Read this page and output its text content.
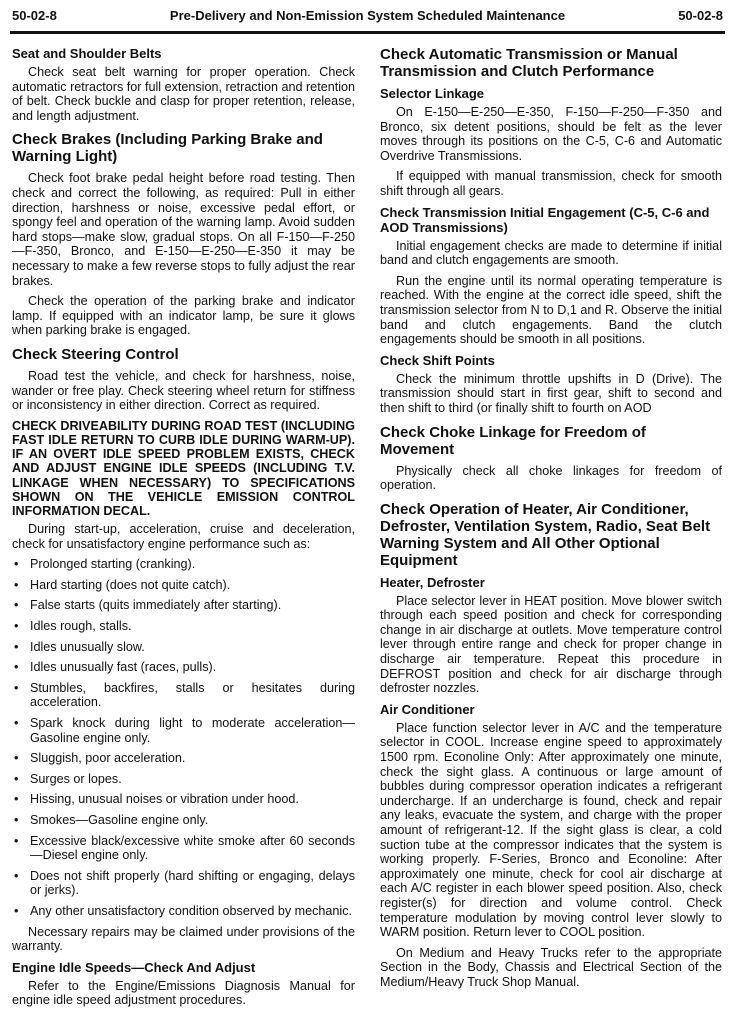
50-02-8	Pre-Delivery and Non-Emission System Scheduled Maintenance	50-02-8
Seat and Shoulder Belts

Check seat belt warning for proper operation. Check automatic retractors for full extension, retraction and retention of belt. Check buckle and clasp for proper retention, release, and length adjustment.

Check Brakes (Including Parking Brake and Warning Light)

Check foot brake pedal height before road testing. Then check and correct the following, as required: Pull in either direction, harshness or noise, excessive pedal effort, or spongy feel and operation of the warning lamp. Avoid sudden hard stops—make slow, gradual stops. On all F-150—F-250—F-350, Bronco, and E-150—E-250—E-350 it may be necessary to make a few reverse stops to fully adjust the rear brakes.

Check the operation of the parking brake and indicator lamp. If equipped with an indicator lamp, be sure it glows when parking brake is engaged.

Check Steering Control

Road test the vehicle, and check for harshness, noise, wander or free play. Check steering wheel return for stiffness or inconsistency in either direction. Correct as required.

CHECK DRIVEABILITY DURING ROAD TEST (INCLUDING FAST IDLE RETURN TO CURB IDLE DURING WARM-UP). IF AN OVERT IDLE SPEED PROBLEM EXISTS, CHECK AND ADJUST ENGINE IDLE SPEEDS (INCLUDING T.V. LINKAGE WHEN NECESSARY) TO SPECIFICATIONS SHOWN ON THE VEHICLE EMISSION CONTROL INFORMATION DECAL.

During start-up, acceleration, cruise and deceleration, check for unsatisfactory engine performance such as:

• Prolonged starting (cranking).
• Hard starting (does not quite catch).
• False starts (quits immediately after starting).
• Idles rough, stalls.
• Idles unusually slow.
• Idles unusually fast (races, pulls).
• Stumbles, backfires, stalls or hesitates during acceleration.
• Spark knock during light to moderate acceleration—Gasoline engine only.
• Sluggish, poor acceleration.
• Surges or lopes.
• Hissing, unusual noises or vibration under hood.
• Smokes—Gasoline engine only.
• Excessive black/excessive white smoke after 60 seconds—Diesel engine only.
• Does not shift properly (hard shifting or engaging, delays or jerks).
• Any other unsatisfactory condition observed by mechanic.

Necessary repairs may be claimed under provisions of the warranty.

Engine Idle Speeds—Check And Adjust

Refer to the Engine/Emissions Diagnosis Manual for engine idle speed adjustment procedures.

Check Automatic Transmission or Manual Transmission and Clutch Performance
Selector Linkage

On E-150—E-250—E-350, F-150—F-250—F-350 and Bronco, six detent positions, should be felt as the lever moves through its positions on the C-5, C-6 and Automatic Overdrive Transmissions.

If equipped with manual transmission, check for smooth shift through all gears.

Check Transmission Initial Engagement (C-5, C-6 and AOD Transmissions)

Initial engagement checks are made to determine if initial band and clutch engagements are smooth.

Run the engine until its normal operating temperature is reached. With the engine at the correct idle speed, shift the transmission selector from N to D,1 and R. Observe the initial band and clutch engagements. Band the clutch engagements should be smooth in all positions.

Check Shift Points

Check the minimum throttle upshifts in D (Drive). The transmission should start in first gear, shift to second and then shift to third (or finally shift to fourth on AOD

Check Choke Linkage for Freedom of Movement

Physically check all choke linkages for freedom of operation.

Check Operation of Heater, Air Conditioner, Defroster, Ventilation System, Radio, Seat Belt Warning System and All Other Optional Equipment
Heater, Defroster

Place selector lever in HEAT position. Move blower switch through each speed position and check for corresponding change in air discharge at outlets. Move temperature control lever through entire range and check for proper change in discharge air temperature. Repeat this procedure in DEFROST position and check for air discharge through defroster nozzles.

Air Conditioner

Place function selector lever in A/C and the temperature selector in COOL. Increase engine speed to approximately 1500 rpm. Econoline Only: After approximately one minute, check the sight glass. A continuous or large amount of bubbles during compressor operation indicates a refrigerant undercharge. If an undercharge is found, check and repair any leaks, evacuate the system, and charge with the proper amount of refrigerant-12. If the sight glass is clear, a cold suction tube at the compressor indicates that the system is working properly. F-Series, Bronco and Econoline: After approximately one minute, check for cool air discharge at each A/C register in each blower speed position. Also, check register(s) for direction and volume control. Check temperature modulation by moving control lever slowly to WARM position. Return lever to COOL position.

On Medium and Heavy Trucks refer to the appropriate Section in the Body, Chassis and Electrical Section of the Medium/Heavy Truck Shop Manual.
